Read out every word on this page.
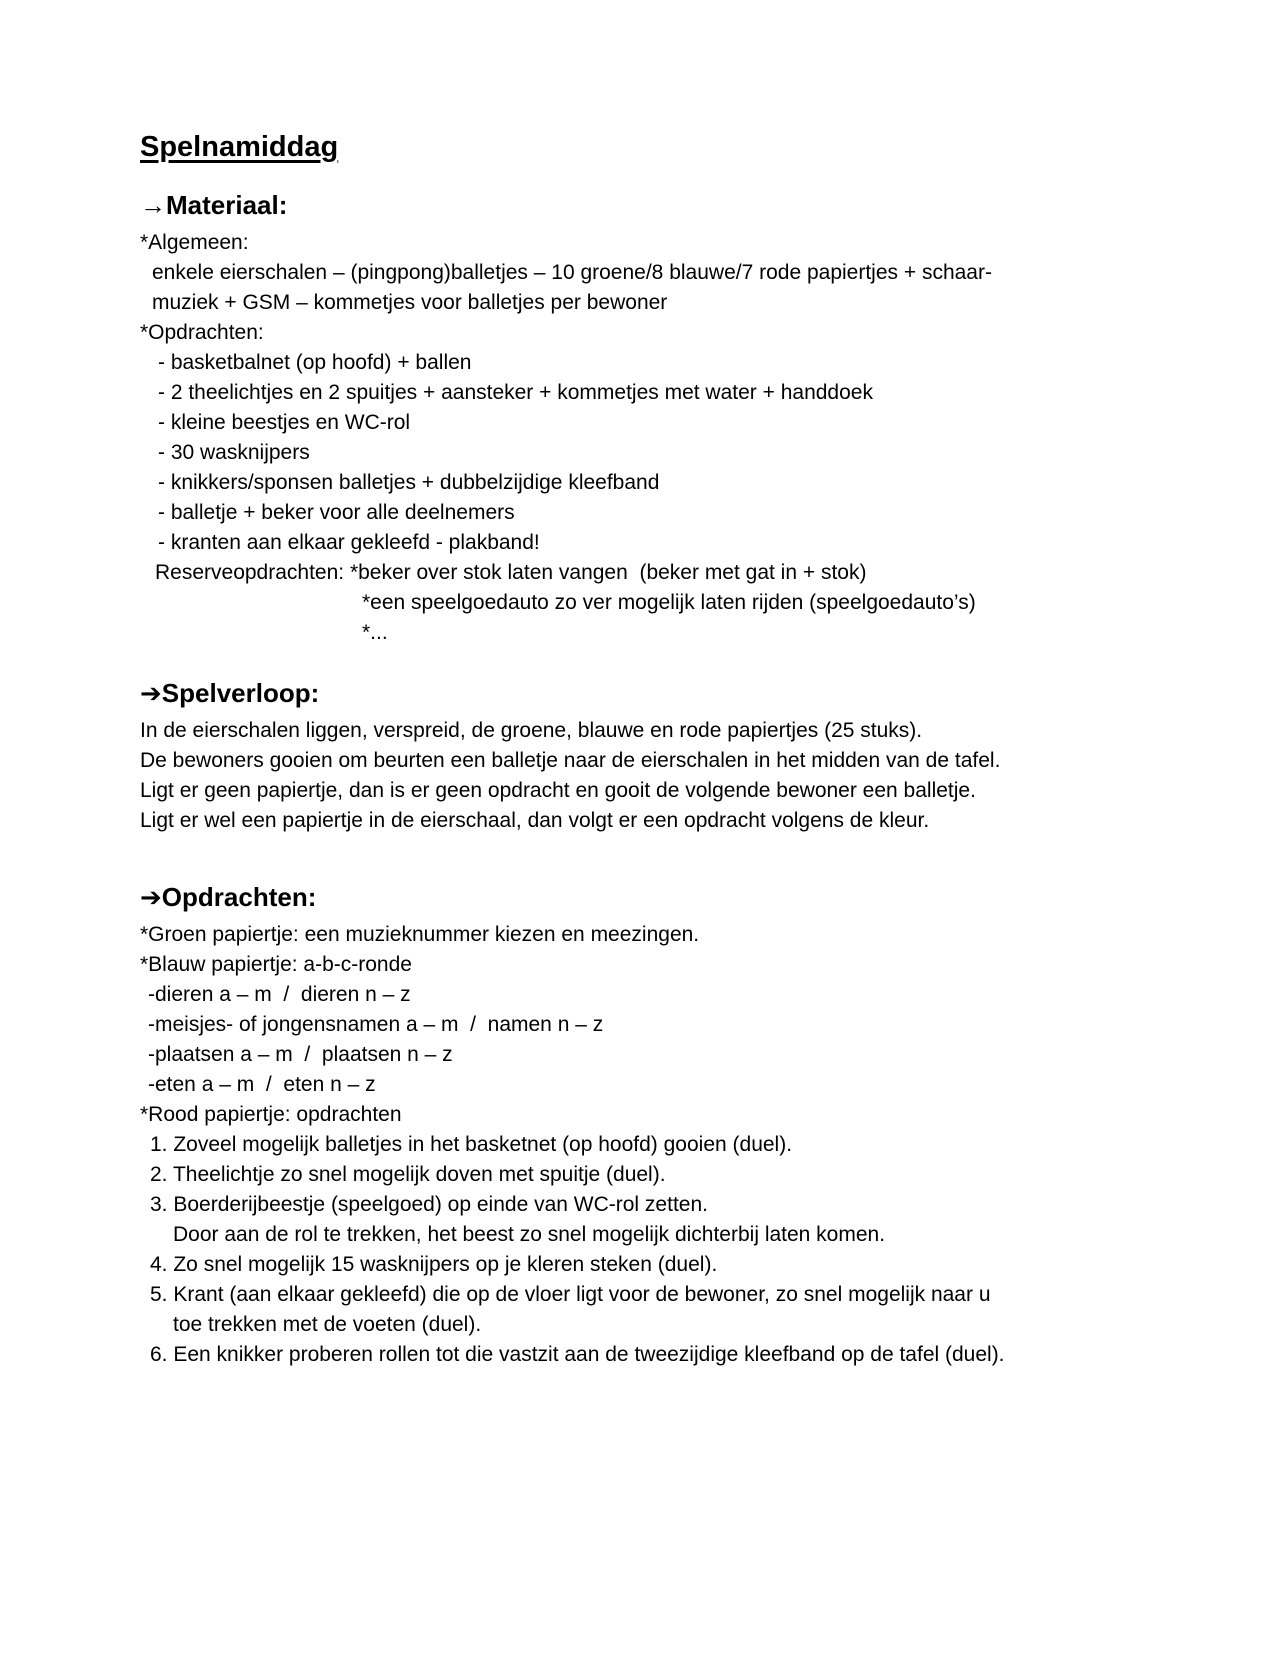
Spelnamiddag
→Materiaal:
*Algemeen:
enkele eierschalen – (pingpong)balletjes – 10 groene/8 blauwe/7 rode papiertjes + schaar-
muziek + GSM – kommetjes voor balletjes per bewoner
*Opdrachten:
- basketbalnet (op hoofd) + ballen
- 2 theelichtjes en 2 spuitjes + aansteker + kommetjes met water + handdoek
- kleine beestjes en WC-rol
- 30 wasknijpers
- knikkers/sponsen balletjes + dubbelzijdige kleefband
- balletje + beker voor alle deelnemers
- kranten aan elkaar gekleefd - plakband!
Reserveopdrachten: *beker over stok laten vangen  (beker met gat in + stok)
*een speelgoedauto zo ver mogelijk laten rijden (speelgoedauto’s)
*...
➔Spelverloop:
In de eierschalen liggen, verspreid, de groene, blauwe en rode papiertjes (25 stuks).
De bewoners gooien om beurten een balletje naar de eierschalen in het midden van de tafel.
Ligt er geen papiertje, dan is er geen opdracht en gooit de volgende bewoner een balletje.
Ligt er wel een papiertje in de eierschaal, dan volgt er een opdracht volgens de kleur.
➔Opdrachten:
*Groen papiertje: een muzieknummer kiezen en meezingen.
*Blauw papiertje: a-b-c-ronde
-dieren a – m  /  dieren n – z
-meisjes- of jongensnamen a – m  /  namen n – z
-plaatsen a – m  /  plaatsen n – z
-eten a – m  /  eten n – z
*Rood papiertje: opdrachten
1. Zoveel mogelijk balletjes in het basketnet (op hoofd) gooien (duel).
2. Theelichtje zo snel mogelijk doven met spuitje (duel).
3. Boerderijbeestje (speelgoed) op einde van WC-rol zetten.
Door aan de rol te trekken, het beest zo snel mogelijk dichterbij laten komen.
4. Zo snel mogelijk 15 wasknijpers op je kleren steken (duel).
5. Krant (aan elkaar gekleefd) die op de vloer ligt voor de bewoner, zo snel mogelijk naar u
toe trekken met de voeten (duel).
6. Een knikker proberen rollen tot die vastzit aan de tweezijdige kleefband op de tafel (duel).
